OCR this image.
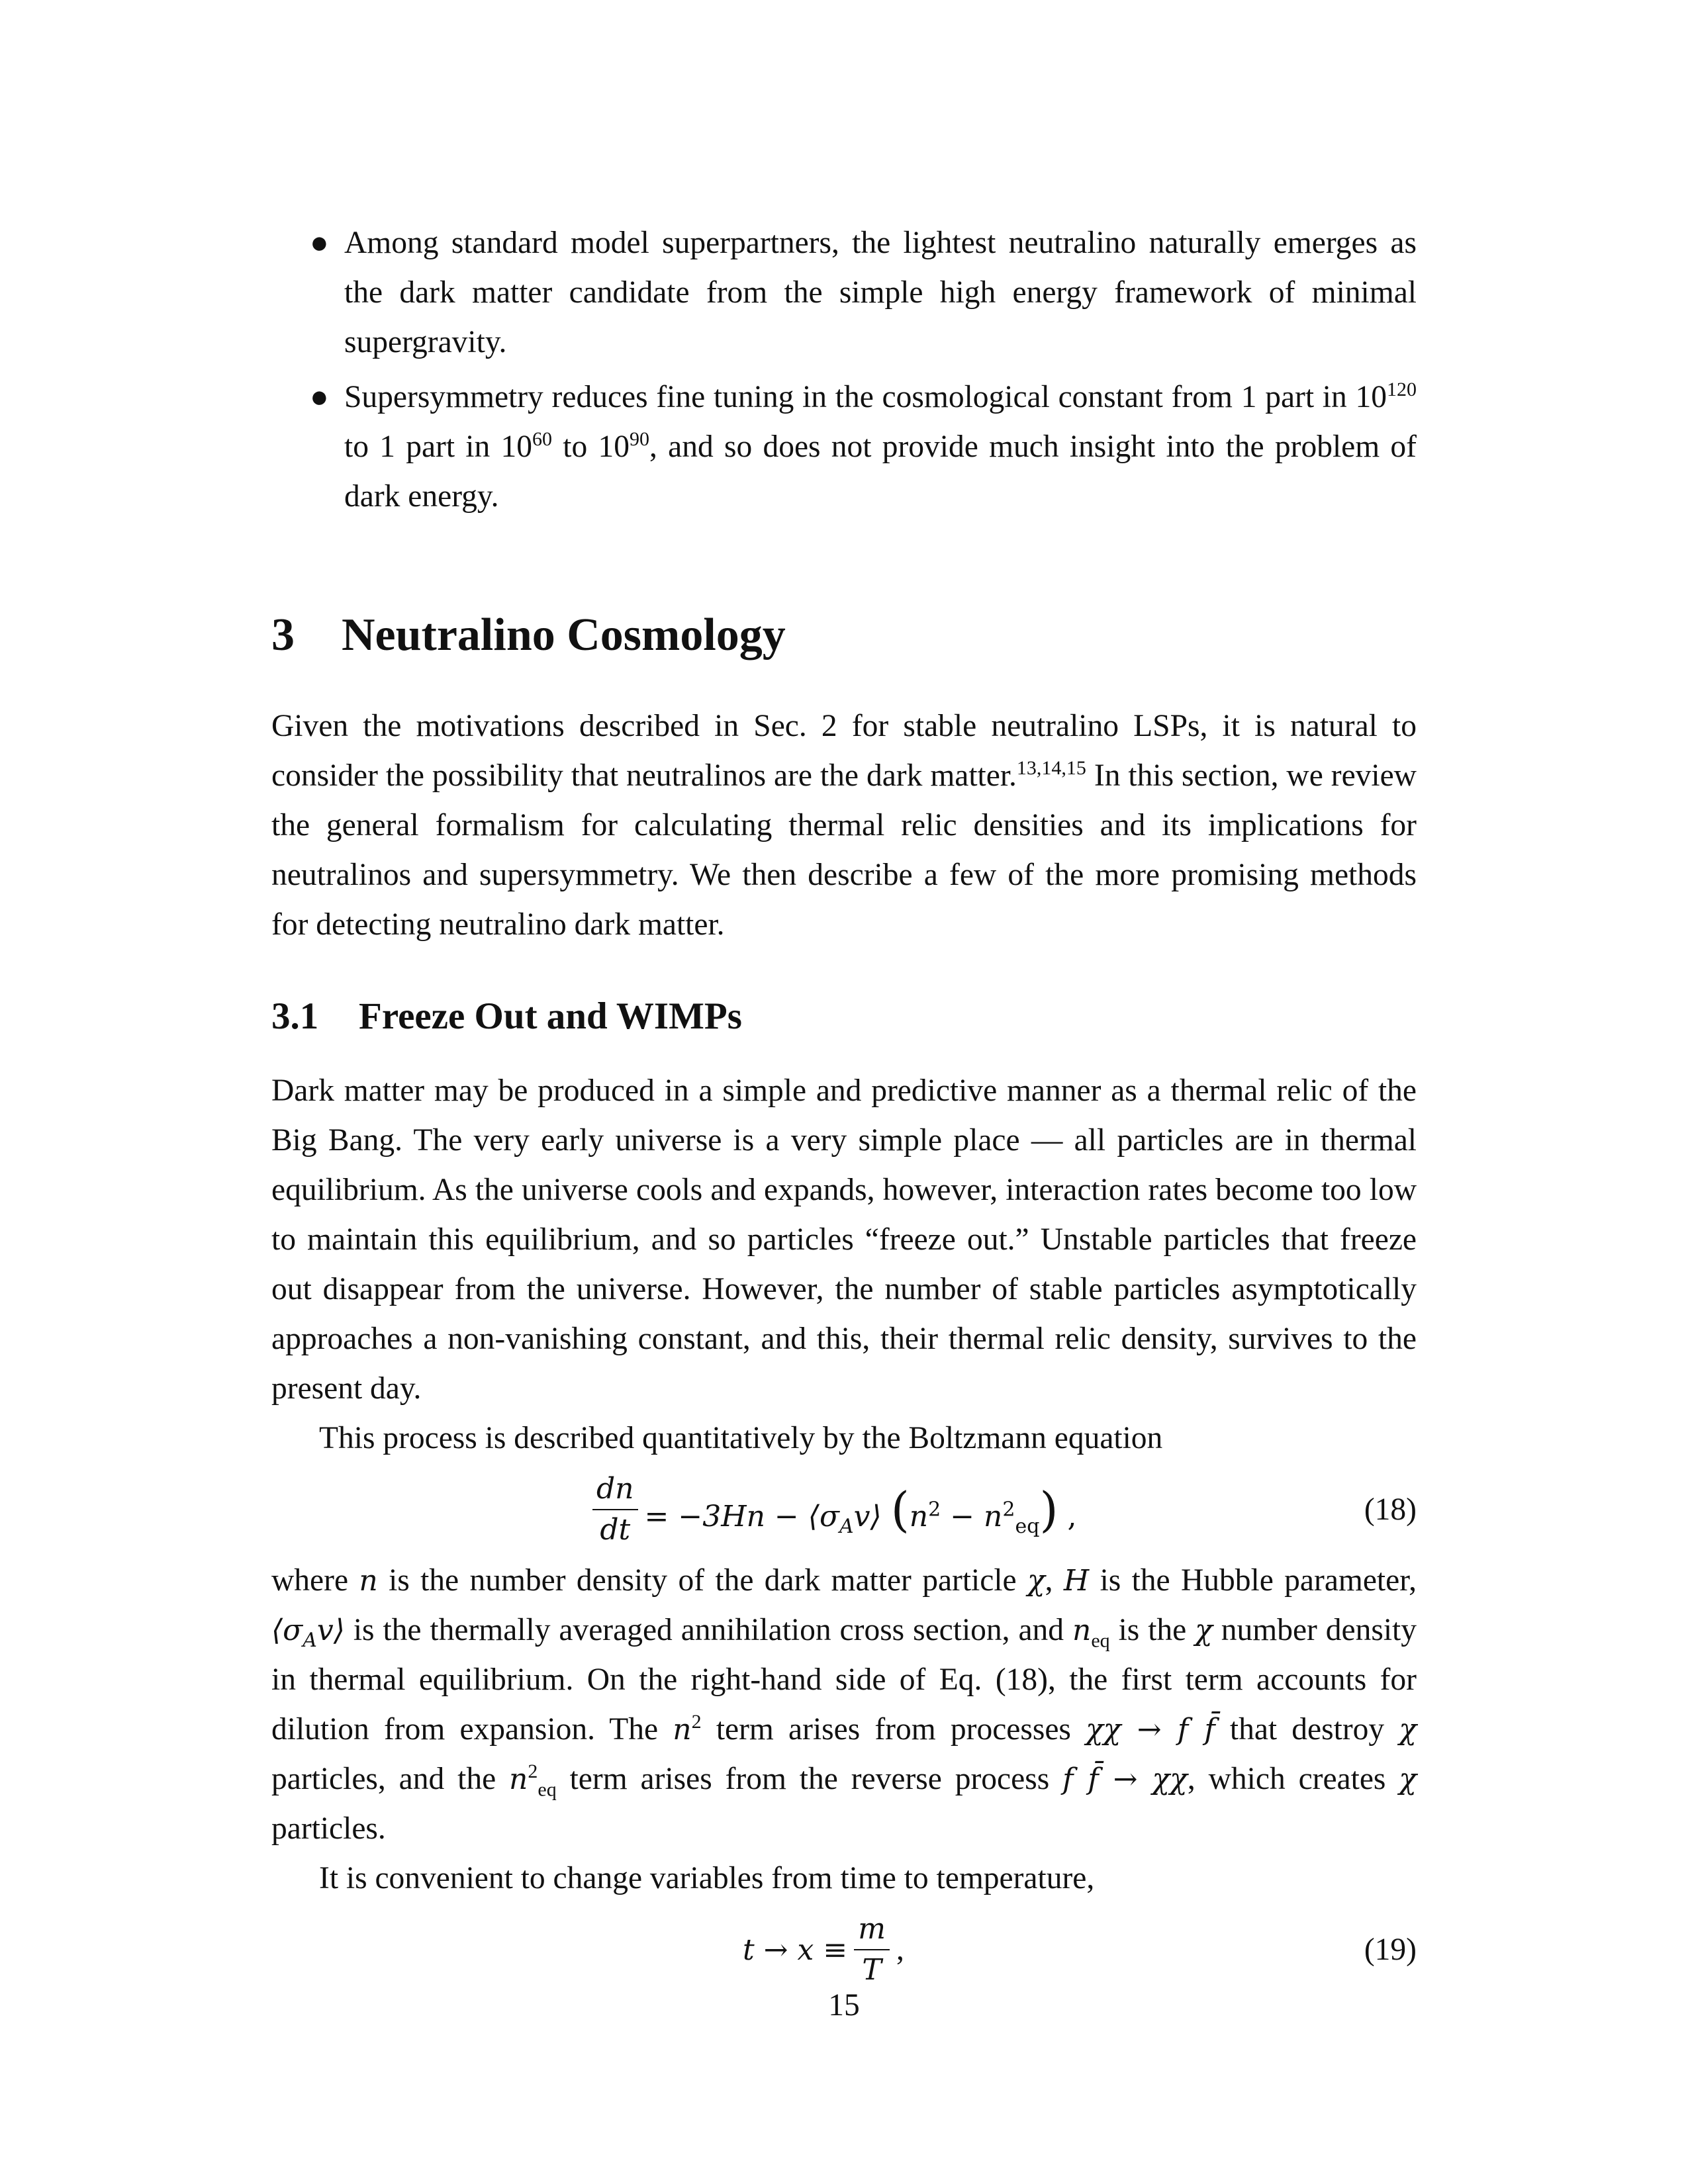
● Among standard model superpartners, the lightest neutralino naturally emerges as the dark matter candidate from the simple high energy framework of minimal supergravity.
● Supersymmetry reduces fine tuning in the cosmological constant from 1 part in $10^{120}$ to 1 part in $10^{60}$ to $10^{90}$, and so does not provide much insight into the problem of dark energy.
3 Neutralino Cosmology

Given the motivations described in Sec. 2 for stable neutralino LSPs, it is natural to consider the possibility that neutralinos are the dark matter.$^{13,14,15}$ In this section, we review the general formalism for calculating thermal relic densities and its implications for neutralinos and supersymmetry. We then describe a few of the more promising methods for detecting neutralino dark matter.

3.1 Freeze Out and WIMPs

Dark matter may be produced in a simple and predictive manner as a thermal relic of the Big Bang. The very early universe is a very simple place — all particles are in thermal equilibrium. As the universe cools and expands, however, interaction rates become too low to maintain this equilibrium, and so particles “freeze out.” Unstable particles that freeze out disappear from the universe. However, the number of stable particles asymptotically approaches a non-vanishing constant, and this, their thermal relic density, survives to the present day.

This process is described quantitatively by the Boltzmann equation

$\frac{dn}{dt} = -3Hn$ − $⟨\sigma_Av⟩$ $(n^2 - n^2_{eq})$ ,	(18)

where n is the number density of the dark matter particle χ, H is the Hubble parameter, $⟨\sigma_Av⟩$ is the thermally averaged annihilation cross section, and $n_{eq}$ is the χ number density in thermal equilibrium. On the right-hand side of Eq. (18), the first term accounts for dilution from expansion. The $n^2$ term arises from processes χχ → f f̄ that destroy χ particles, and the $n^2_{eq}$ term arises from the reverse process f f̄ → χχ, which creates χ particles.

It is convenient to change variables from time to temperature,

$t \to x \equiv \frac{m}{T}$ ,	(19)
15
